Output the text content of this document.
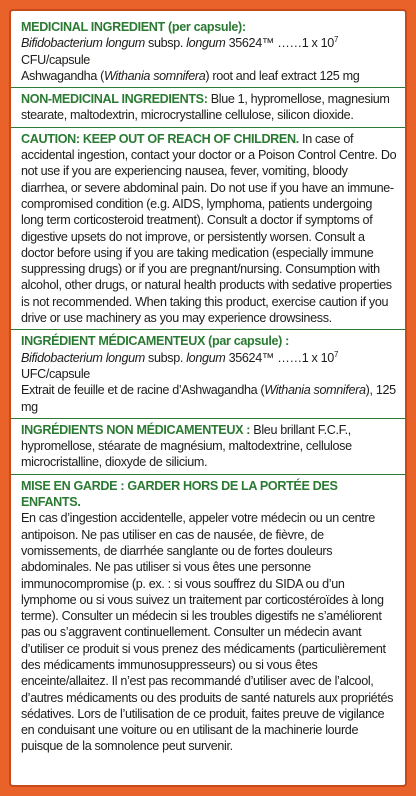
MEDICINAL INGREDIENT (per capsule):
Bifidobacterium longum subsp. longum 35624™ ……1 x $10^7$
CFU/capsule
Ashwagandha (Withania somnifera) root and leaf extract 125 mg

NON-MEDICINAL INGREDIENTS: Blue 1, hypromellose, magnesium stearate, maltodextrin, microcrystalline cellulose, silicon dioxide.

CAUTION: KEEP OUT OF REACH OF CHILDREN. In case of accidental ingestion, contact your doctor or a Poison Control Centre. Do not use if you are experiencing nausea, fever, vomiting, bloody diarrhea, or severe abdominal pain. Do not use if you have an immune-compromised condition (e.g. AIDS, lymphoma, patients undergoing long term corticosteroid treatment). Consult a doctor if symptoms of digestive upsets do not improve, or persistently worsen. Consult a doctor before using if you are taking medication (especially immune suppressing drugs) or if you are pregnant/nursing. Consumption with alcohol, other drugs, or natural health products with sedative properties is not recommended. When taking this product, exercise caution if you drive or use machinery as you may experience drowsiness.

INGRÉDIENT MÉDICAMENTEUX (par capsule) :
Bifidobacterium longum subsp. longum 35624™ ……1 x $10^7$
UFC/capsule
Extrait de feuille et de racine d’Ashwagandha (Withania somnifera), 125 mg

INGRÉDIENTS NON MÉDICAMENTEUX : Bleu brillant F.C.F., hypromellose, stéarate de magnésium, maltodextrine, cellulose microcristalline, dioxyde de silicium.

MISE EN GARDE : GARDER HORS DE LA PORTÉE DES ENFANTS.
En cas d’ingestion accidentelle, appeler votre médecin ou un centre antipoison. Ne pas utiliser en cas de nausée, de fièvre, de vomissements, de diarrhée sanglante ou de fortes douleurs abdominales. Ne pas utiliser si vous êtes une personne immunocompromise (p. ex. : si vous souffrez du SIDA ou d’un lymphome ou si vous suivez un traitement par corticostéroïdes à long terme). Consulter un médecin si les troubles digestifs ne s’améliorent pas ou s’aggravent continuellement. Consulter un médecin avant d’utiliser ce produit si vous prenez des médicaments (particulièrement des médicaments immunosuppresseurs) ou si vous êtes enceinte/allaitez. Il n’est pas recommandé d’utiliser avec de l’alcool, d’autres médicaments ou des produits de santé naturels aux propriétés sédatives. Lors de l’utilisation de ce produit, faites preuve de vigilance en conduisant une voiture ou en utilisant de la machinerie lourde puisque de la somnolence peut survenir.
